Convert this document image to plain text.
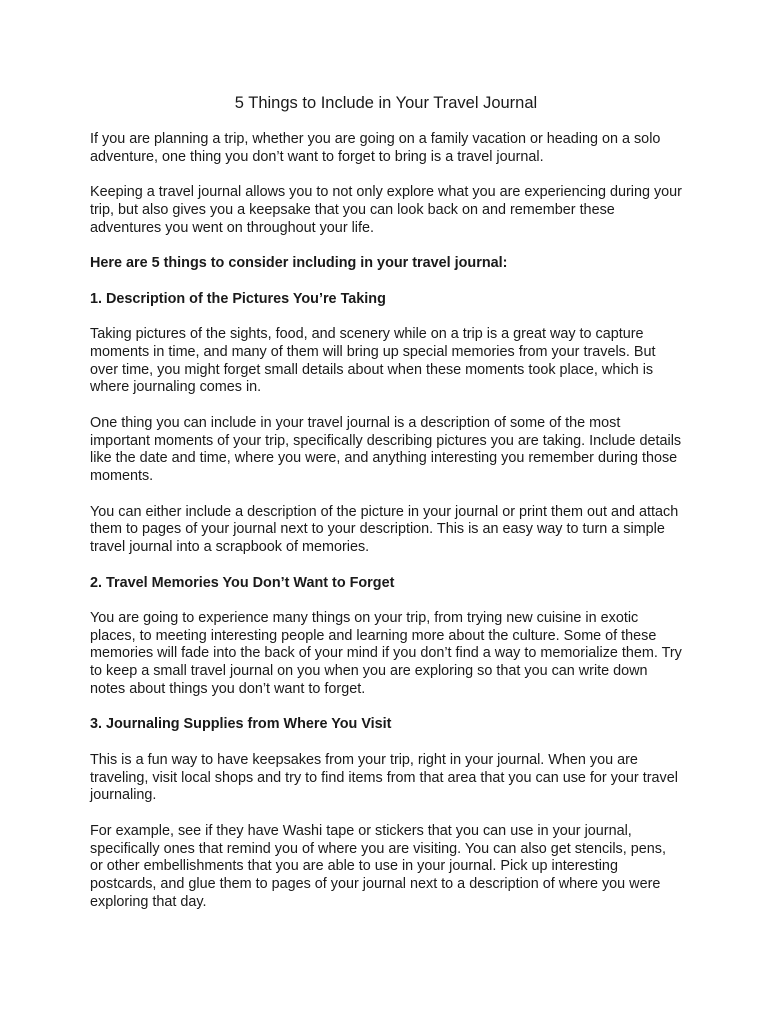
5 Things to Include in Your Travel Journal

If you are planning a trip, whether you are going on a family vacation or heading on a solo adventure, one thing you don’t want to forget to bring is a travel journal.

Keeping a travel journal allows you to not only explore what you are experiencing during your trip, but also gives you a keepsake that you can look back on and remember these adventures you went on throughout your life.

Here are 5 things to consider including in your travel journal:

1. Description of the Pictures You’re Taking

Taking pictures of the sights, food, and scenery while on a trip is a great way to capture moments in time, and many of them will bring up special memories from your travels. But over time, you might forget small details about when these moments took place, which is where journaling comes in.

One thing you can include in your travel journal is a description of some of the most important moments of your trip, specifically describing pictures you are taking. Include details like the date and time, where you were, and anything interesting you remember during those moments.

You can either include a description of the picture in your journal or print them out and attach them to pages of your journal next to your description. This is an easy way to turn a simple travel journal into a scrapbook of memories.

2. Travel Memories You Don’t Want to Forget

You are going to experience many things on your trip, from trying new cuisine in exotic places, to meeting interesting people and learning more about the culture. Some of these memories will fade into the back of your mind if you don’t find a way to memorialize them. Try to keep a small travel journal on you when you are exploring so that you can write down notes about things you don’t want to forget.

3. Journaling Supplies from Where You Visit

This is a fun way to have keepsakes from your trip, right in your journal. When you are traveling, visit local shops and try to find items from that area that you can use for your travel journaling.

For example, see if they have Washi tape or stickers that you can use in your journal, specifically ones that remind you of where you are visiting. You can also get stencils, pens, or other embellishments that you are able to use in your journal. Pick up interesting postcards, and glue them to pages of your journal next to a description of where you were exploring that day.
